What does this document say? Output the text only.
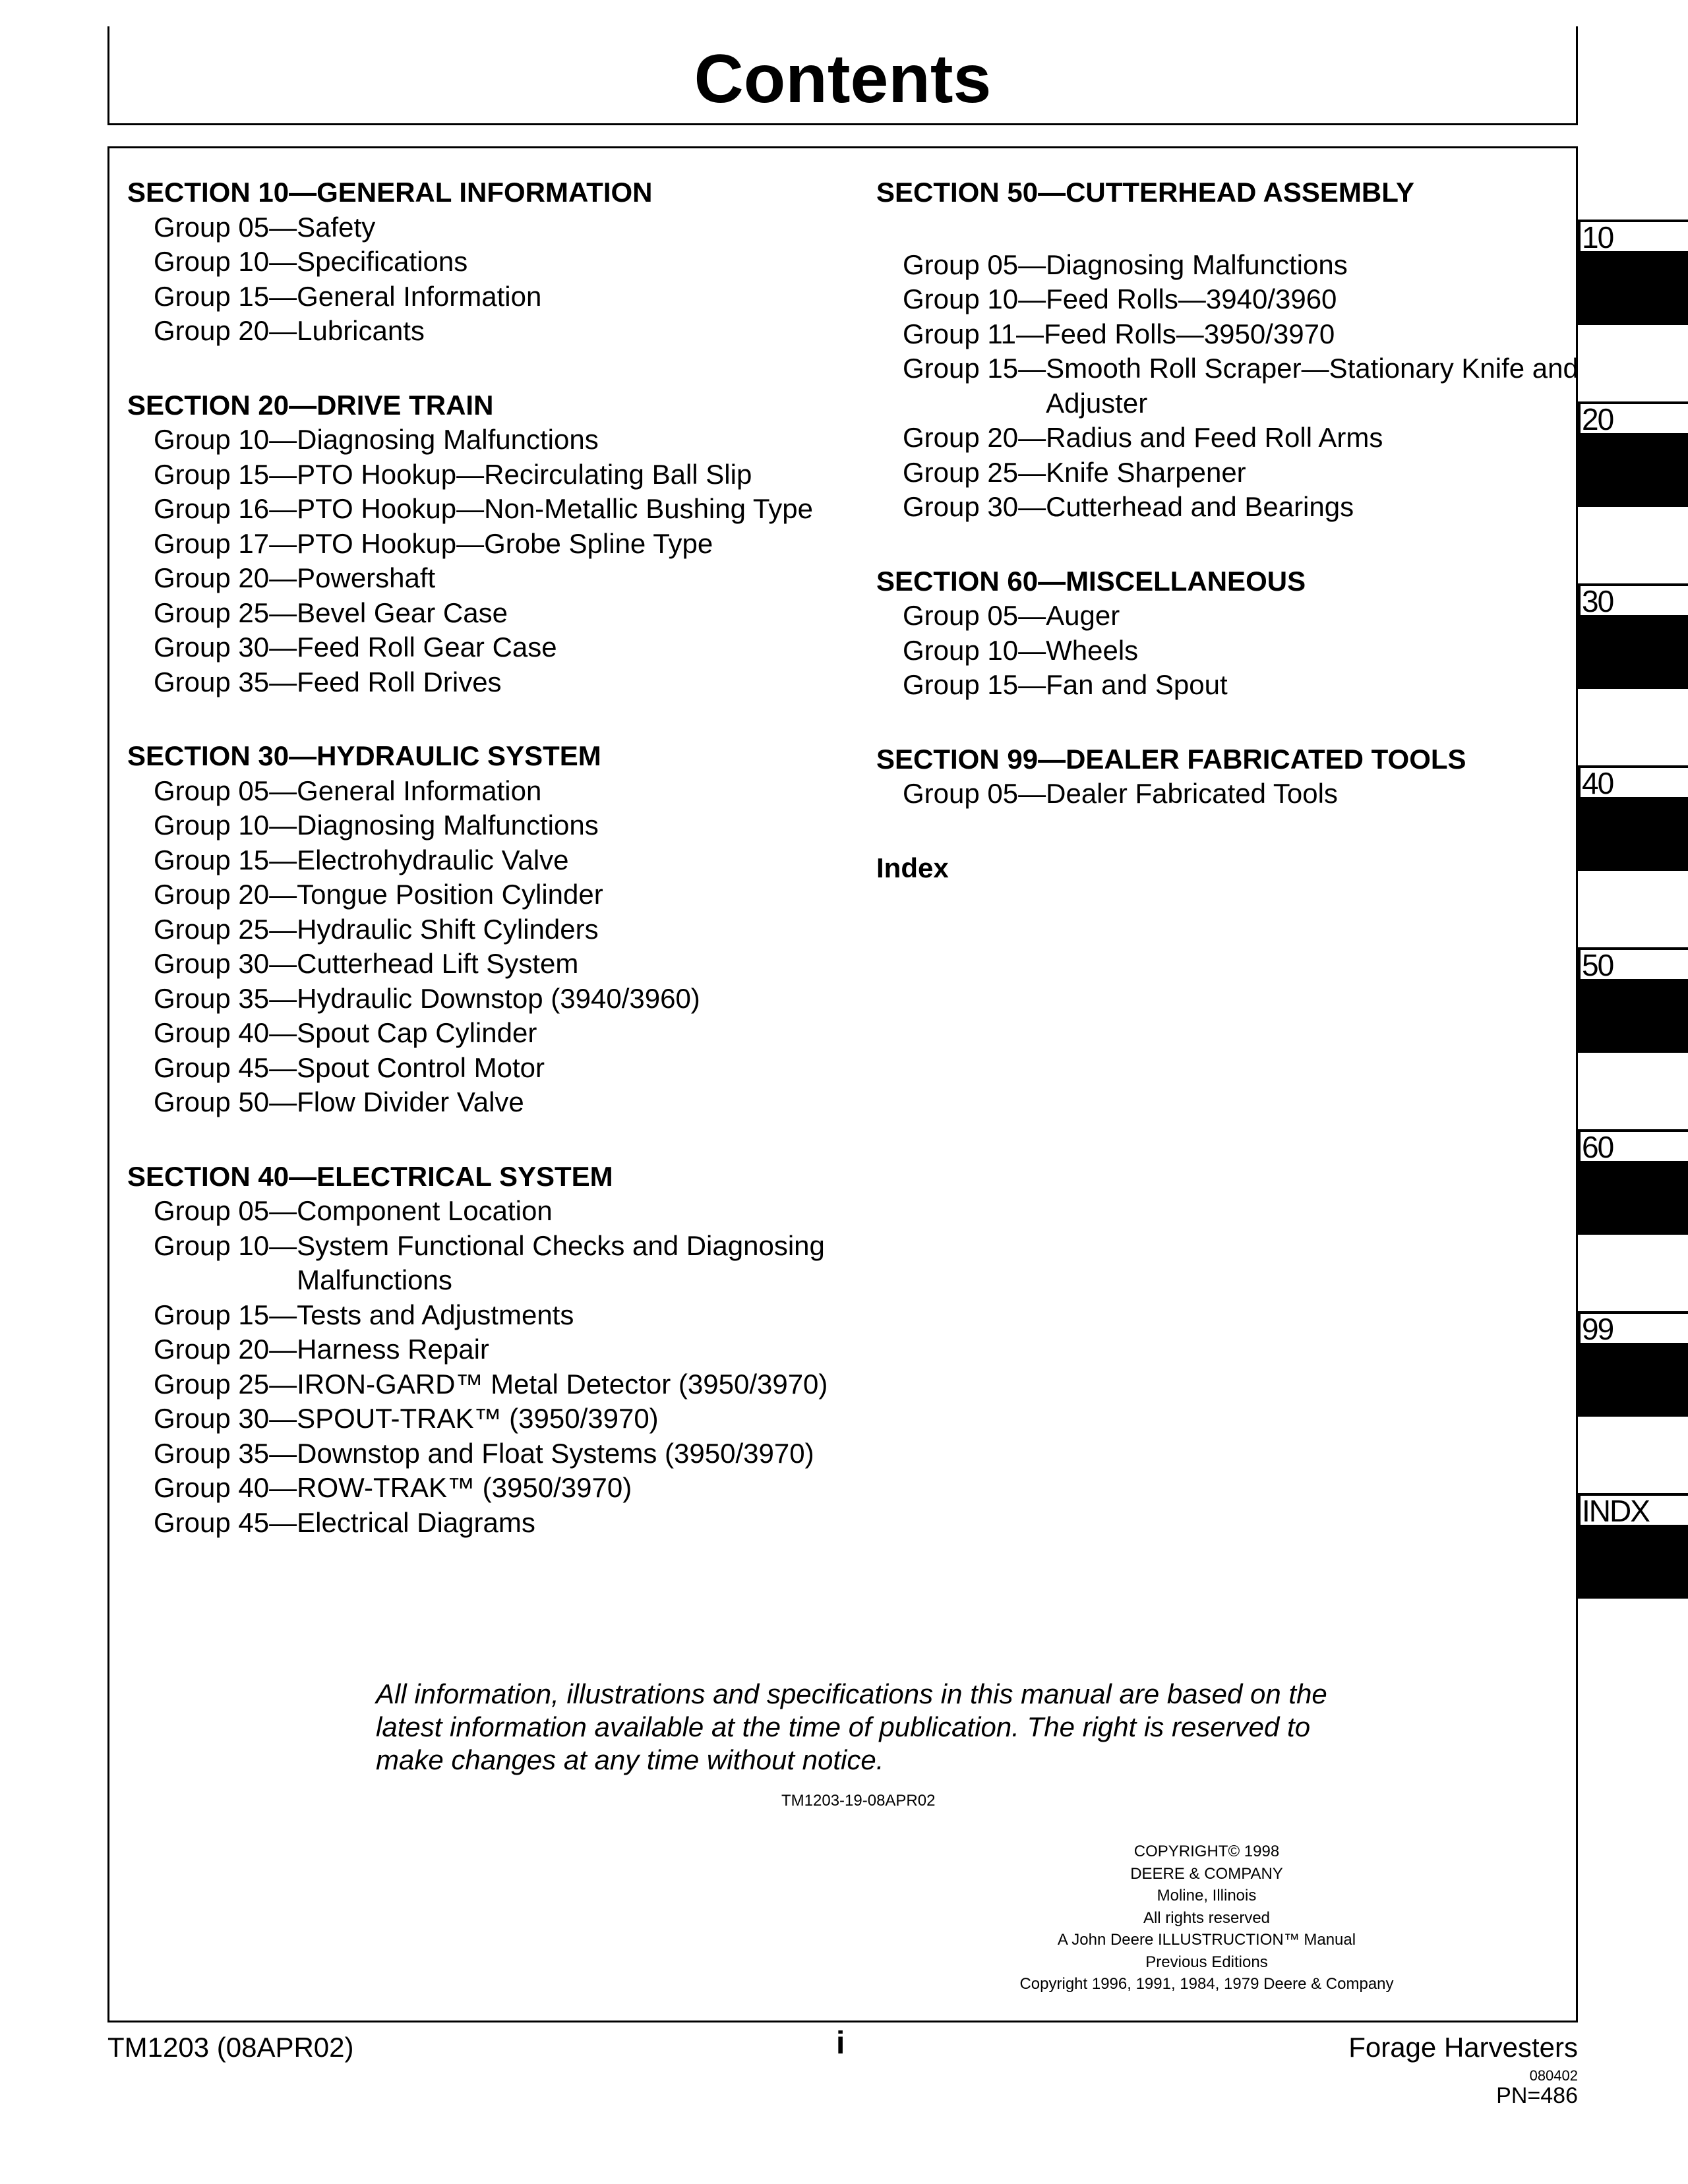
Contents
SECTION 10—GENERAL INFORMATION
Group 05— Safety
Group 10— Specifications
Group 15— General Information
Group 20— Lubricants
SECTION 20—DRIVE TRAIN
Group 10— Diagnosing Malfunctions
Group 15— PTO Hookup—Recirculating Ball Slip
Group 16— PTO Hookup—Non-Metallic Bushing Type
Group 17— PTO Hookup—Grobe Spline Type
Group 20— Powershaft
Group 25— Bevel Gear Case
Group 30— Feed Roll Gear Case
Group 35— Feed Roll Drives
SECTION 30—HYDRAULIC SYSTEM
Group 05— General Information
Group 10— Diagnosing Malfunctions
Group 15— Electrohydraulic Valve
Group 20— Tongue Position Cylinder
Group 25— Hydraulic Shift Cylinders
Group 30— Cutterhead Lift System
Group 35— Hydraulic Downstop (3940/3960)
Group 40— Spout Cap Cylinder
Group 45— Spout Control Motor
Group 50— Flow Divider Valve
SECTION 40—ELECTRICAL SYSTEM
Group 05— Component Location
Group 10— System Functional Checks and Diagnosing Malfunctions
Group 15— Tests and Adjustments
Group 20— Harness Repair
Group 25— IRON-GARD™ Metal Detector (3950/3970)
Group 30— SPOUT-TRAK™ (3950/3970)
Group 35— Downstop and Float Systems (3950/3970)
Group 40— ROW-TRAK™ (3950/3970)
Group 45— Electrical Diagrams
SECTION 50—CUTTERHEAD ASSEMBLY
Group 05— Diagnosing Malfunctions
Group 10— Feed Rolls—3940/3960
Group 11— Feed Rolls—3950/3970
Group 15— Smooth Roll Scraper—Stationary Knife and Adjuster
Group 20— Radius and Feed Roll Arms
Group 25— Knife Sharpener
Group 30— Cutterhead and Bearings
SECTION 60—MISCELLANEOUS
Group 05— Auger
Group 10— Wheels
Group 15— Fan and Spout
SECTION 99—DEALER FABRICATED TOOLS
Group 05— Dealer Fabricated Tools
Index
All information, illustrations and specifications in this manual are based on the latest information available at the time of publication. The right is reserved to make changes at any time without notice.
TM1203-19-08APR02
COPYRIGHT© 1998
DEERE & COMPANY
Moline, Illinois
All rights reserved
A John Deere ILLUSTRUCTION™ Manual
Previous Editions
Copyright 1996, 1991, 1984, 1979 Deere & Company
10
20
30
40
50
60
99
INDX
TM1203 (08APR02)	i	Forage Harvesters
080402
PN=486
